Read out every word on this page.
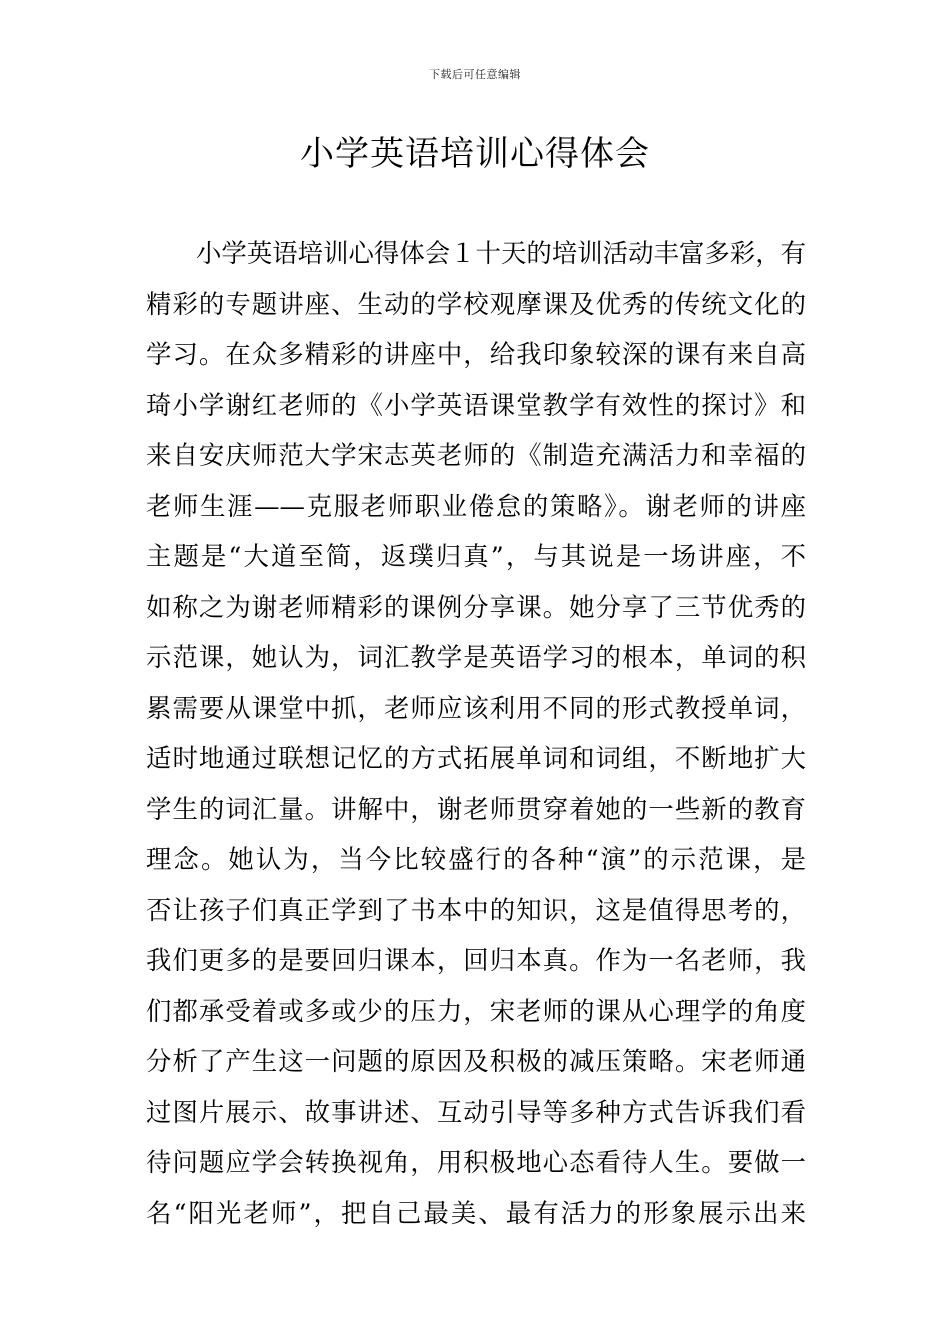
下载后可任意编辑
小学英语培训心得体会
小学英语培训心得体会１十天的培训活动丰富多彩，有
精彩的专题讲座、生动的学校观摩课及优秀的传统文化的
学习。在众多精彩的讲座中，给我印象较深的课有来自高
琦小学谢红老师的《小学英语课堂教学有效性的探讨》和
来自安庆师范大学宋志英老师的《制造充满活力和幸福的
老师生涯——克服老师职业倦怠的策略》。谢老师的讲座
主题是“大道至简，返璞归真”，与其说是一场讲座，不
如称之为谢老师精彩的课例分享课。她分享了三节优秀的
示范课，她认为，词汇教学是英语学习的根本，单词的积
累需要从课堂中抓，老师应该利用不同的形式教授单词，
适时地通过联想记忆的方式拓展单词和词组，不断地扩大
学生的词汇量。讲解中，谢老师贯穿着她的一些新的教育
理念。她认为，当今比较盛行的各种“演”的示范课，是
否让孩子们真正学到了书本中的知识，这是值得思考的，
我们更多的是要回归课本，回归本真。作为一名老师，我
们都承受着或多或少的压力，宋老师的课从心理学的角度
分析了产生这一问题的原因及积极的减压策略。宋老师通
过图片展示、故事讲述、互动引导等多种方式告诉我们看
待问题应学会转换视角，用积极地心态看待人生。要做一
名“阳光老师”，把自己最美、最有活力的形象展示出来
